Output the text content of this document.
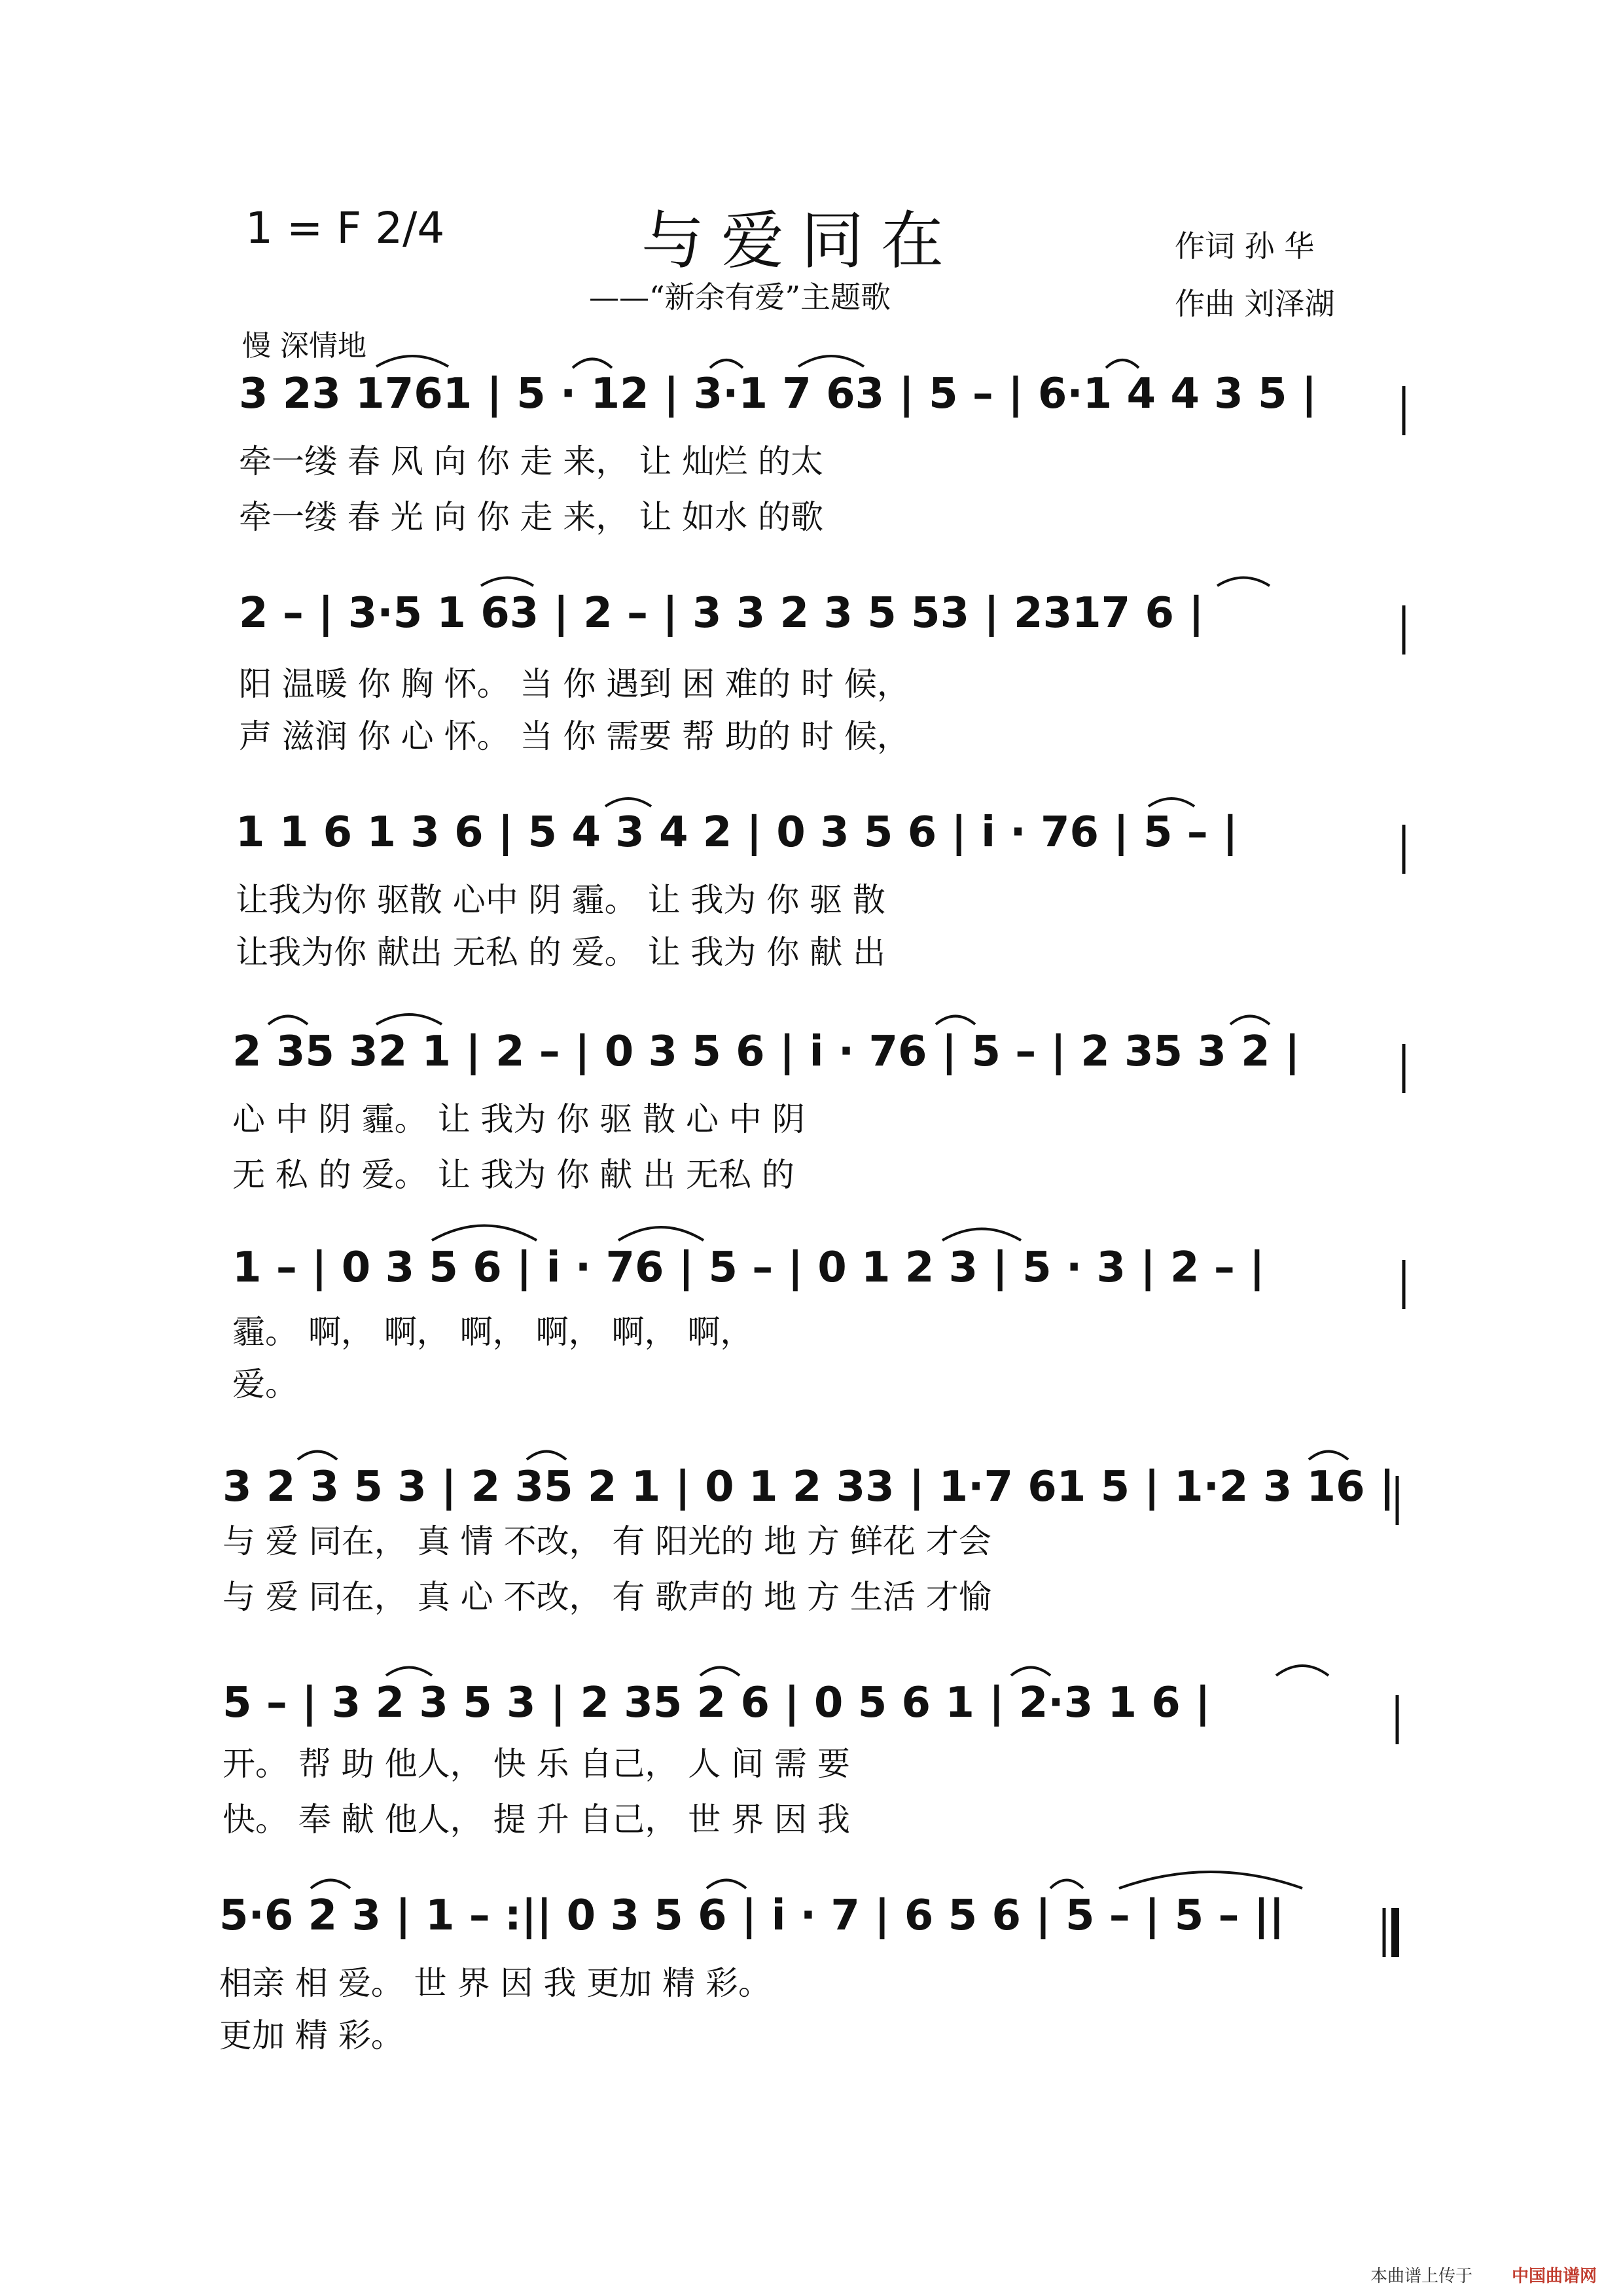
1 = F 2/4	与爱同在
——“新余有爱”主题歌
作词 孙 华
作曲 刘泽湖
慢 深情地
3 23 1761 | 5 · 12 | 3·1 7 63 | 5 – | 6·1 4 4 3 5 |
牵一缕 春 风 向 你 走 来， 让 灿烂 的太
牵一缕 春 光 向 你 走 来， 让 如水 的歌
2 – | 3·5 1 63 | 2 – | 3 3 2 3 5 53 | 2317 6 |
阳 温暖 你 胸 怀。 当 你 遇到 困 难的 时 候，
声 滋润 你 心 怀。 当 你 需要 帮 助的 时 候，
1 1 6 1 3 6 | 5 4 3 4 2 | 0 3 5 6 | i · 76 | 5 – |
让我为你 驱散 心中 阴 霾。 让 我为 你 驱 散
让我为你 献出 无私 的 爱。 让 我为 你 献 出
2 35 32 1 | 2 – | 0 3 5 6 | i · 76 | 5 – | 2 35 3 2 |
心 中 阴 霾。 让 我为 你 驱 散 心 中 阴
无 私 的 爱。 让 我为 你 献 出 无私 的
1 – | 0 3 5 6 | i · 76 | 5 – | 0 1 2 3 | 5 · 3 | 2 – |
霾。 啊， 啊， 啊， 啊， 啊， 啊，
爱。
3 2 3 5 3 | 2 35 2 1 | 0 1 2 33 | 1·7 61 5 | 1·2 3 16 |
与 爱 同在， 真 情 不改， 有 阳光的 地 方 鲜花 才会
与 爱 同在， 真 心 不改， 有 歌声的 地 方 生活 才愉
5 – | 3 2 3 5 3 | 2 35 2 6 | 0 5 6 1 | 2·3 1 6 |
开。 帮 助 他人， 快 乐 自己， 人 间 需 要
快。 奉 献 他人， 提 升 自己， 世 界 因 我
5·6 2 3 | 1 – :|| 0 3 5 6 | i · 7 | 6 5 6 | 5 – | 5 – ||
相亲 相 爱。 世 界 因 我 更加 精 彩。
更加 精 彩。
本曲谱上传于 中国曲谱网
